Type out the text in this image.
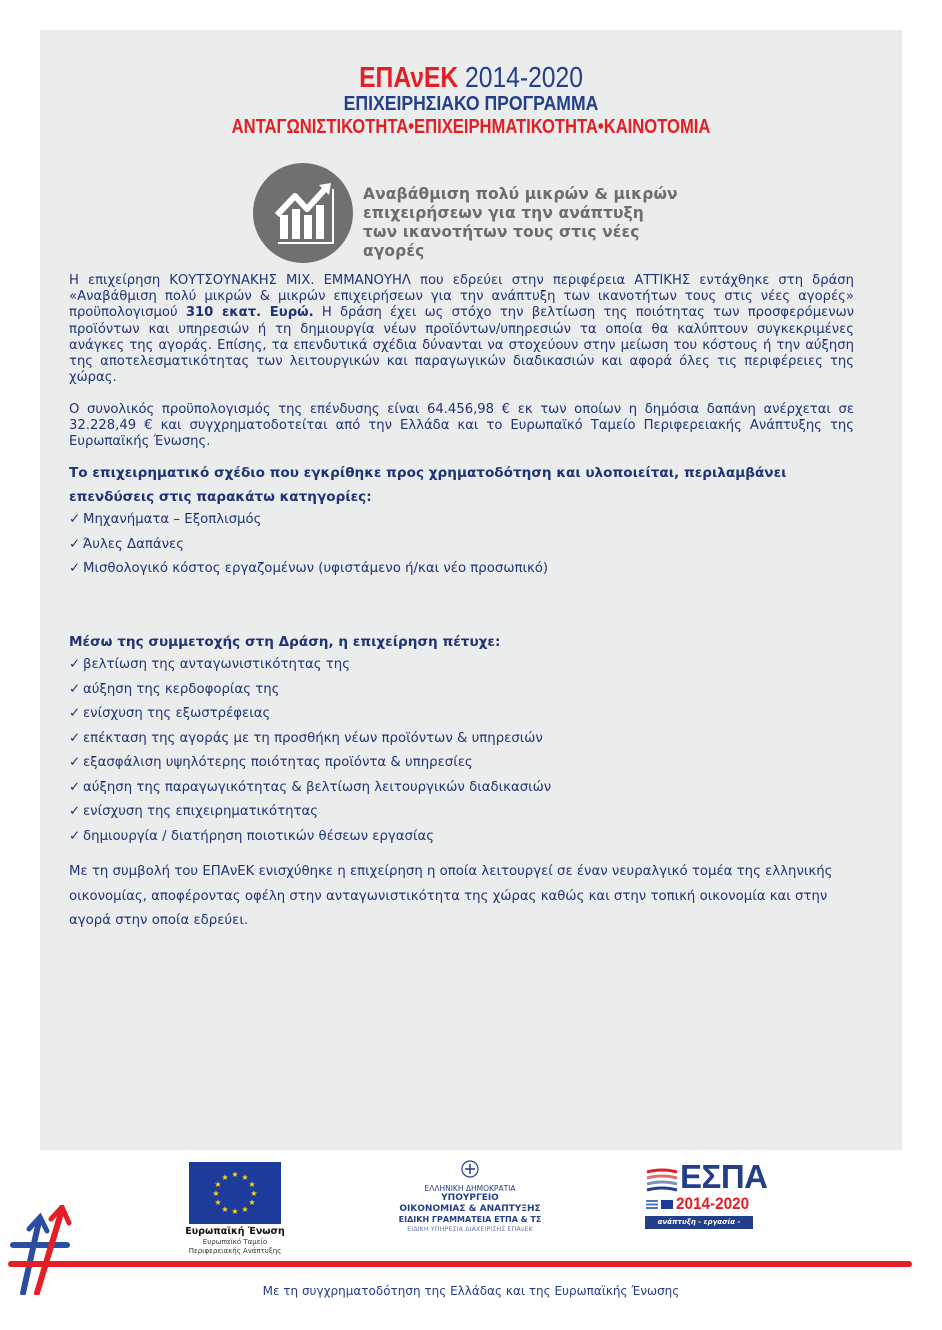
ΕΠΑνΕΚ 2014-2020
ΕΠΙΧΕΙΡΗΣΙΑΚΟ ΠΡΟΓΡΑΜΜΑ
ΑΝΤΑΓΩΝΙΣΤΙΚΟΤΗΤΑ•ΕΠΙΧΕΙΡΗΜΑΤΙΚΟΤΗΤΑ•ΚΑΙΝΟΤΟΜΙΑ
Αναβάθμιση πολύ μικρών & μικρών
επιχειρήσεων για την ανάπτυξη
των ικανοτήτων τους στις νέες αγορές
Η επιχείρηση ΚΟΥΤΣΟΥΝΑΚΗΣ ΜΙΧ. ΕΜΜΑΝΟΥΗΛ που εδρεύει στην περιφέρεια ΑΤΤΙΚΗΣ εντάχθηκε στη δράση «Αναβάθμιση πολύ μικρών & μικρών επιχειρήσεων για την ανάπτυξη των ικανοτήτων τους στις νέες αγορές» προϋπολογισμού 310 εκατ. Ευρώ. Η δράση έχει ως στόχο την βελτίωση της ποιότητας των προσφερόμενων προϊόντων και υπηρεσιών ή τη δημιουργία νέων προϊόντων/υπηρεσιών τα οποία θα καλύπτουν συγκεκριμένες ανάγκες της αγοράς. Επίσης, τα επενδυτικά σχέδια δύνανται να στοχεύουν στην μείωση του κόστους ή την αύξηση της αποτελεσματικότητας των λειτουργικών και παραγωγικών διαδικασιών και αφορά όλες τις περιφέρειες της χώρας.
Ο συνολικός προϋπολογισμός της επένδυσης είναι 64.456,98 € εκ των οποίων η δημόσια δαπάνη ανέρχεται σε 32.228,49 € και συγχρηματοδοτείται από την Ελλάδα και το Ευρωπαϊκό Ταμείο Περιφερειακής Ανάπτυξης της Ευρωπαϊκής Ένωσης.
Το επιχειρηματικό σχέδιο που εγκρίθηκε προς χρηματοδότηση και υλοποιείται, περιλαμβάνει επενδύσεις στις παρακάτω κατηγορίες:
✓ Μηχανήματα – Εξοπλισμός
✓ Άυλες Δαπάνες
✓ Μισθολογικό κόστος εργαζομένων (υφιστάμενο ή/και νέο προσωπικό)
Μέσω της συμμετοχής στη Δράση, η επιχείρηση πέτυχε:
✓ βελτίωση της ανταγωνιστικότητας της
✓ αύξηση της κερδοφορίας της
✓ ενίσχυση της εξωστρέφειας
✓ επέκταση της αγοράς με τη προσθήκη νέων προϊόντων & υπηρεσιών
✓ εξασφάλιση υψηλότερης ποιότητας προϊόντα & υπηρεσίες
✓ αύξηση της παραγωγικότητας & βελτίωση λειτουργικών διαδικασιών
✓ ενίσχυση της επιχειρηματικότητας
✓ δημιουργία / διατήρηση ποιοτικών θέσεων εργασίας
Με τη συμβολή του ΕΠΑνΕΚ ενισχύθηκε η επιχείρηση η οποία λειτουργεί σε έναν νευραλγικό τομέα της ελληνικής οικονομίας, αποφέροντας οφέλη στην ανταγωνιστικότητα της χώρας καθώς και στην τοπική οικονομία και στην αγορά στην οποία εδρεύει.
★ ★
★
★
★
★
★
★
★
★
★
★
Ευρωπαϊκή Ένωση
Ευρωπαϊκό Ταμείο
Περιφερειακής Ανάπτυξης
ΕΛΛΗΝΙΚΗ ΔΗΜΟΚΡΑΤΙΑ
ΥΠΟΥΡΓΕΙΟ
ΟΙΚΟΝΟΜΙΑΣ & ΑΝΑΠΤΥΞΗΣ
ΕΙΔΙΚΗ ΓΡΑΜΜΑΤΕΙΑ ΕΤΠΑ & ΤΣ
ΕΙΔΙΚΗ ΥΠΗΡΕΣΙΑ ΔΙΑΧΕΙΡΙΣΗΣ ΕΠΑνΕΚ
ΕΣΠΑ
2014-2020
ανάπτυξη - εργασία - αλληλεγγύη
Με τη συγχρηματοδότηση της Ελλάδας και της Ευρωπαϊκής Ένωσης
